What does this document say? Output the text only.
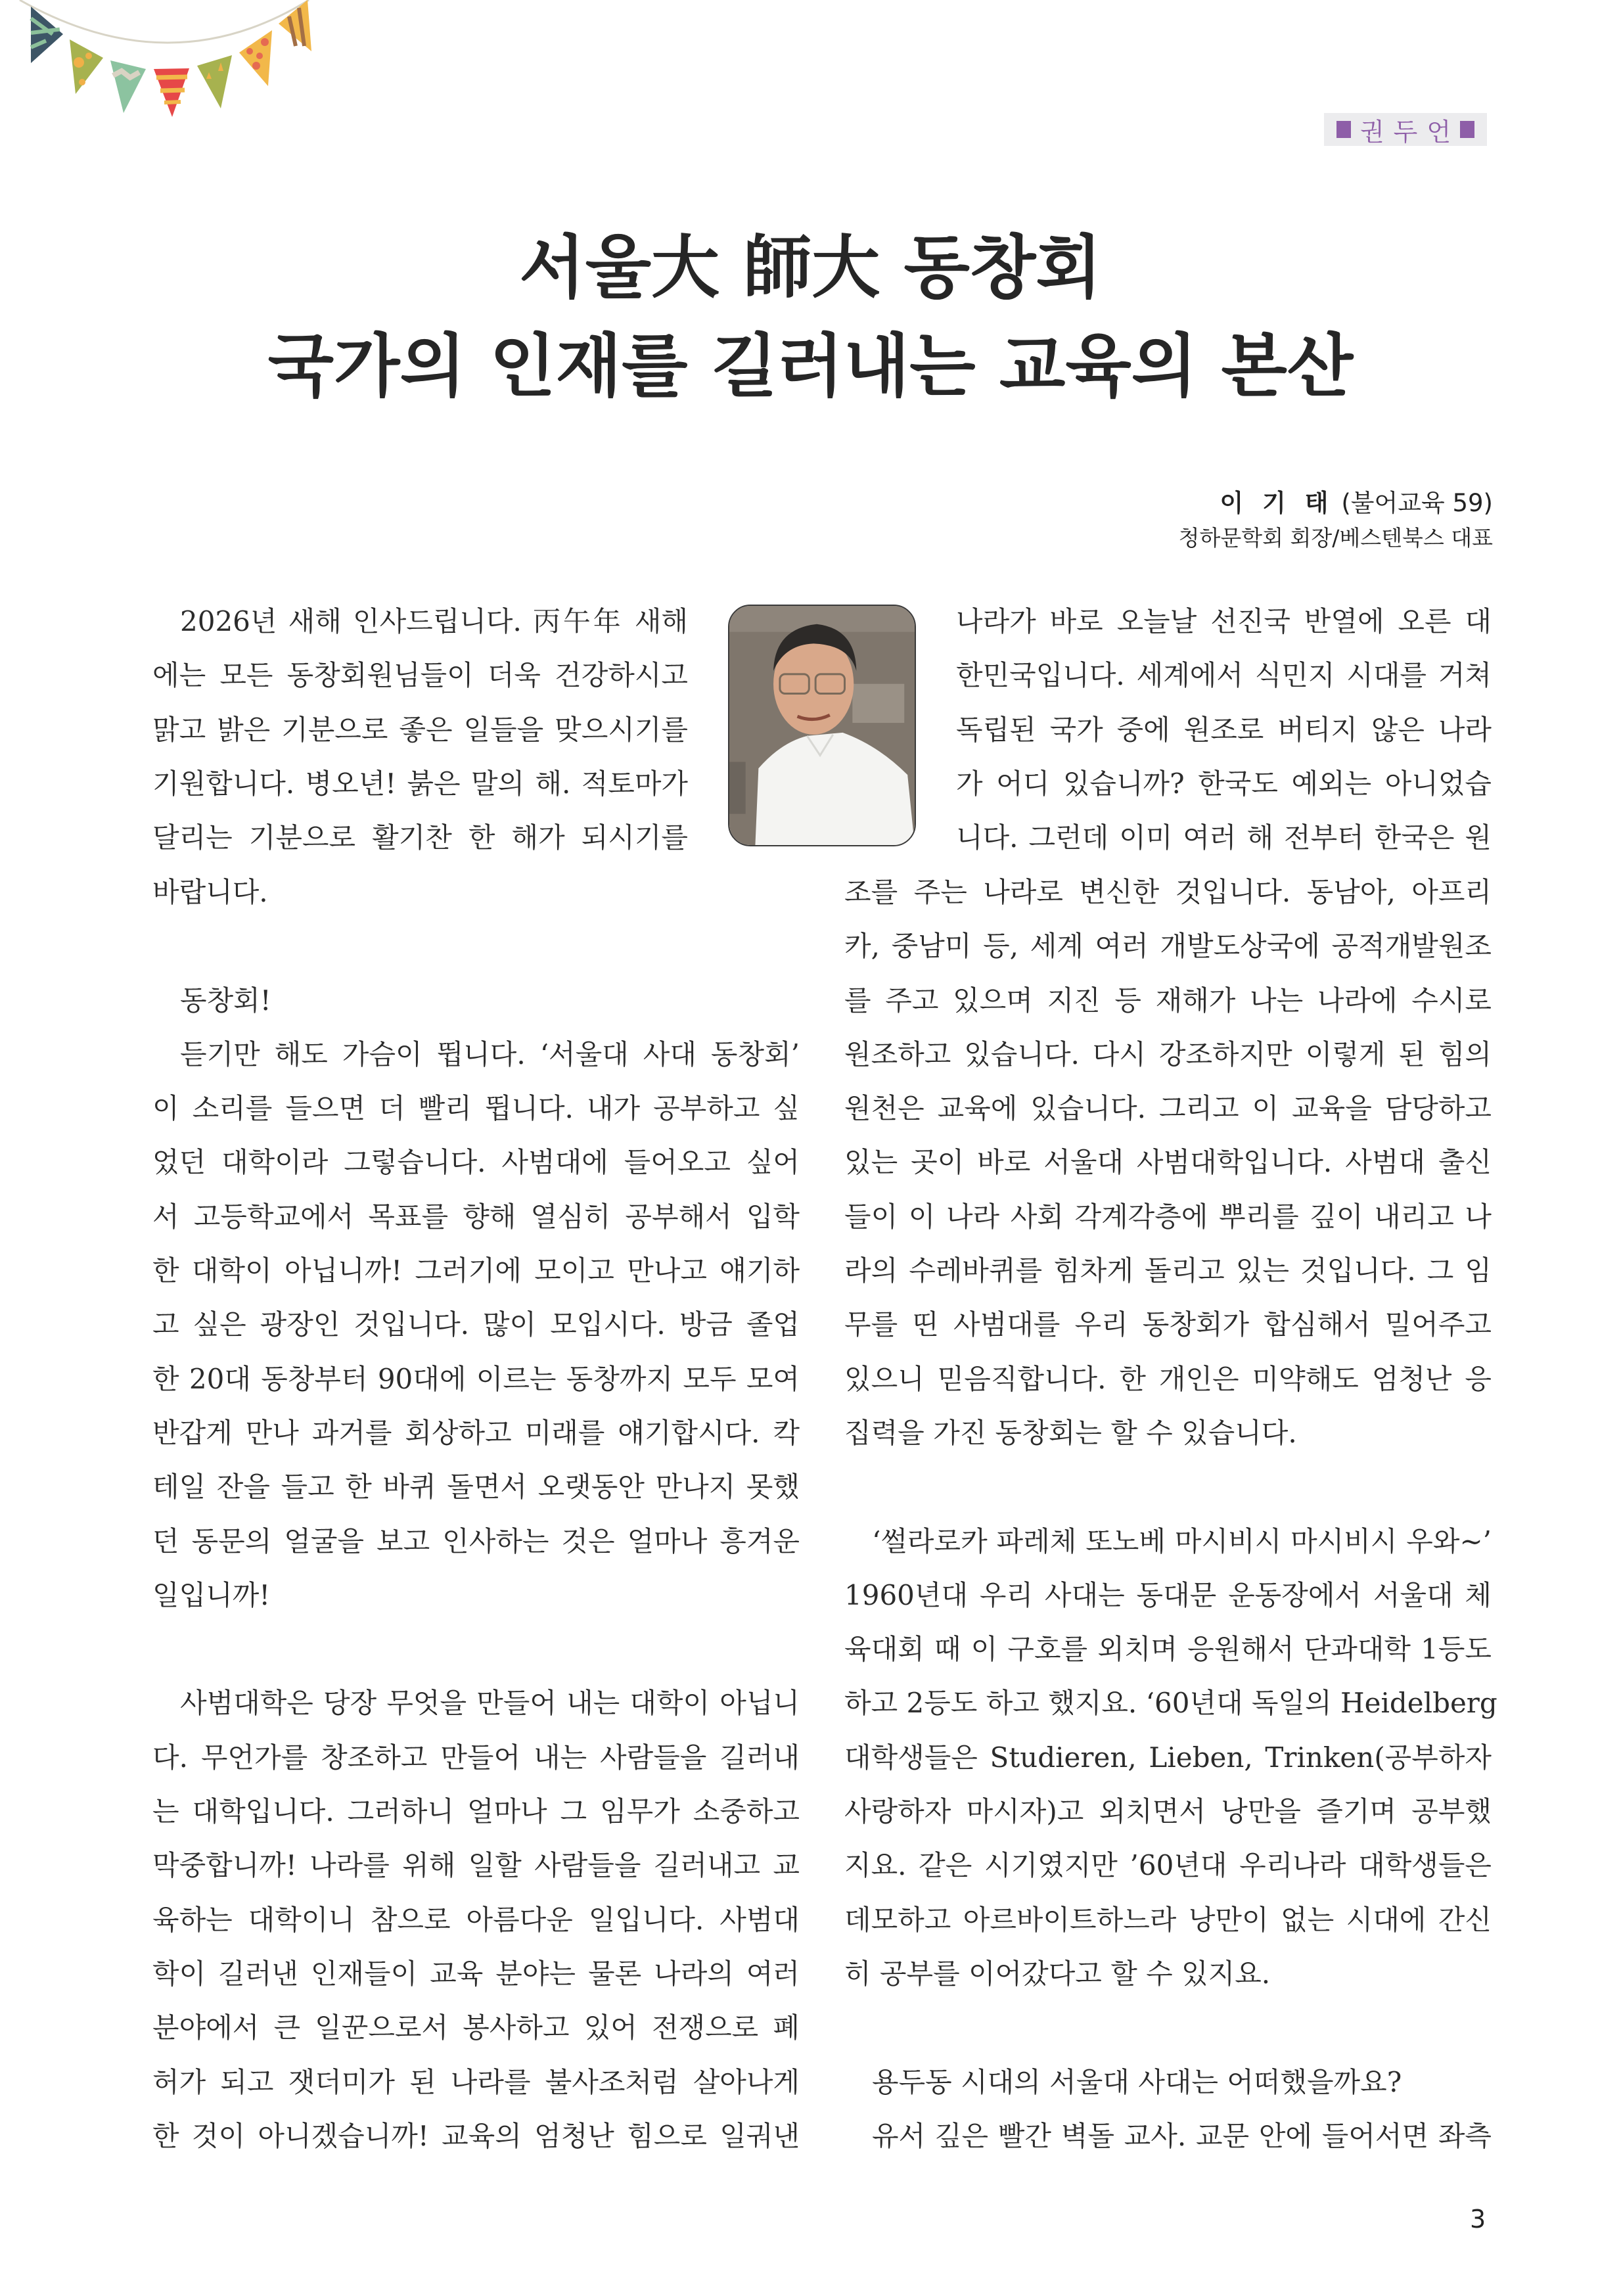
권두언
서울大 師大 동창회
국가의 인재를 길러내는 교육의 본산
이 기 태 (불어교육 59)
청하문학회 회장/베스텐북스 대표
2026년 새해 인사드립니다. 丙午年 새해
에는 모든 동창회원님들이 더욱 건강하시고
맑고 밝은 기분으로 좋은 일들을 맞으시기를
기원합니다. 병오년! 붉은 말의 해. 적토마가
달리는 기분으로 활기찬 한 해가 되시기를
바랍니다.
동창회!
듣기만 해도 가슴이 뜁니다. ‘서울대 사대 동창회’
이 소리를 들으면 더 빨리 뜁니다. 내가 공부하고 싶
었던 대학이라 그렇습니다. 사범대에 들어오고 싶어
서 고등학교에서 목표를 향해 열심히 공부해서 입학
한 대학이 아닙니까! 그러기에 모이고 만나고 얘기하
고 싶은 광장인 것입니다. 많이 모입시다. 방금 졸업
한 20대 동창부터 90대에 이르는 동창까지 모두 모여
반갑게 만나 과거를 회상하고 미래를 얘기합시다. 칵
테일 잔을 들고 한 바퀴 돌면서 오랫동안 만나지 못했
던 동문의 얼굴을 보고 인사하는 것은 얼마나 흥겨운
일입니까!
사범대학은 당장 무엇을 만들어 내는 대학이 아닙니
다. 무언가를 창조하고 만들어 내는 사람들을 길러내
는 대학입니다. 그러하니 얼마나 그 임무가 소중하고
막중합니까! 나라를 위해 일할 사람들을 길러내고 교
육하는 대학이니 참으로 아름다운 일입니다. 사범대
학이 길러낸 인재들이 교육 분야는 물론 나라의 여러
분야에서 큰 일꾼으로서 봉사하고 있어 전쟁으로 폐
허가 되고 잿더미가 된 나라를 불사조처럼 살아나게
한 것이 아니겠습니까! 교육의 엄청난 힘으로 일궈낸
나라가 바로 오늘날 선진국 반열에 오른 대
한민국입니다. 세계에서 식민지 시대를 거쳐
독립된 국가 중에 원조로 버티지 않은 나라
가 어디 있습니까? 한국도 예외는 아니었습
니다. 그런데 이미 여러 해 전부터 한국은 원
조를 주는 나라로 변신한 것입니다. 동남아, 아프리
카, 중남미 등, 세계 여러 개발도상국에 공적개발원조
를 주고 있으며 지진 등 재해가 나는 나라에 수시로
원조하고 있습니다. 다시 강조하지만 이렇게 된 힘의
원천은 교육에 있습니다. 그리고 이 교육을 담당하고
있는 곳이 바로 서울대 사범대학입니다. 사범대 출신
들이 이 나라 사회 각계각층에 뿌리를 깊이 내리고 나
라의 수레바퀴를 힘차게 돌리고 있는 것입니다. 그 임
무를 띤 사범대를 우리 동창회가 합심해서 밀어주고
있으니 믿음직합니다. 한 개인은 미약해도 엄청난 응
집력을 가진 동창회는 할 수 있습니다.
‘썰라로카 파레체 또노베 마시비시 마시비시 우와~’
1960년대 우리 사대는 동대문 운동장에서 서울대 체
육대회 때 이 구호를 외치며 응원해서 단과대학 1등도
하고 2등도 하고 했지요. ‘60년대 독일의 Heidelberg
대학생들은 Studieren, Lieben, Trinken(공부하자
사랑하자 마시자)고 외치면서 낭만을 즐기며 공부했
지요. 같은 시기였지만 ’60년대 우리나라 대학생들은
데모하고 아르바이트하느라 낭만이 없는 시대에 간신
히 공부를 이어갔다고 할 수 있지요.
용두동 시대의 서울대 사대는 어떠했을까요?
유서 깊은 빨간 벽돌 교사. 교문 안에 들어서면 좌측
3
